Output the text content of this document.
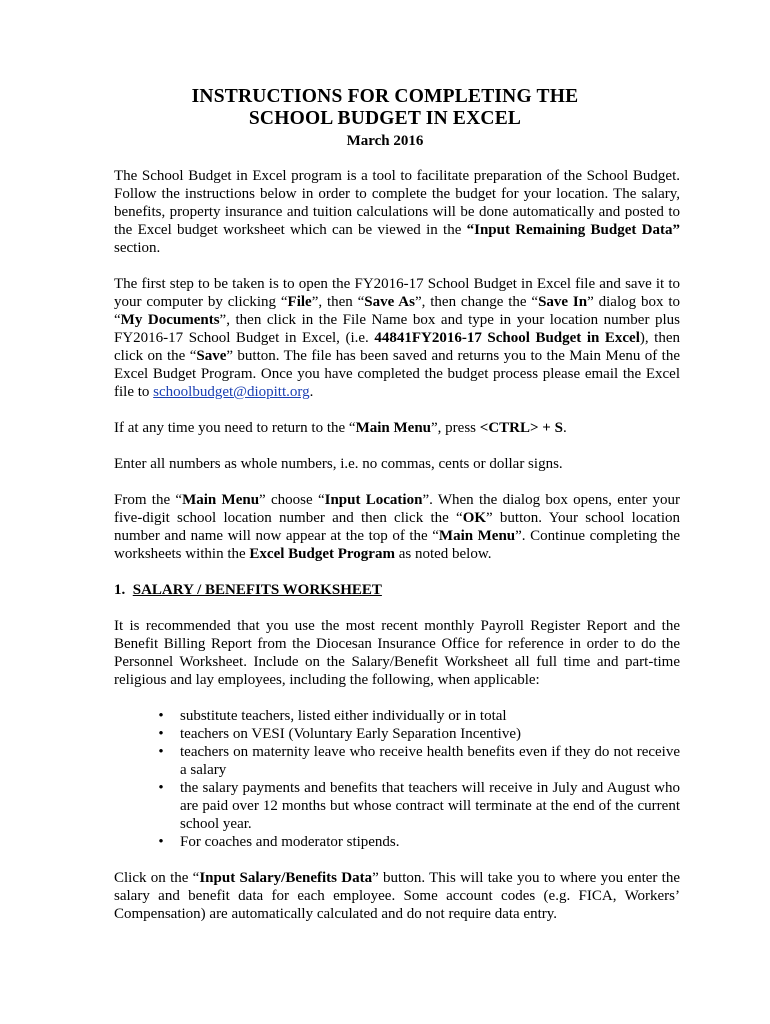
INSTRUCTIONS FOR COMPLETING THE
SCHOOL BUDGET IN EXCEL
March 2016

The School Budget in Excel program is a tool to facilitate preparation of the School Budget. Follow the instructions below in order to complete the budget for your location. The salary, benefits, property insurance and tuition calculations will be done automatically and posted to the Excel budget worksheet which can be viewed in the “Input Remaining Budget Data” section.

The first step to be taken is to open the FY2016-17 School Budget in Excel file and save it to your computer by clicking “File”, then “Save As”, then change the “Save In” dialog box to “My Documents”, then click in the File Name box and type in your location number plus FY2016-17 School Budget in Excel, (i.e. 44841FY2016-17 School Budget in Excel), then click on the “Save” button. The file has been saved and returns you to the Main Menu of the Excel Budget Program. Once you have completed the budget process please email the Excel file to schoolbudget@diopitt.org.

If at any time you need to return to the “Main Menu”, press <CTRL> + S.

Enter all numbers as whole numbers, i.e. no commas, cents or dollar signs.

From the “Main Menu” choose “Input Location”. When the dialog box opens, enter your five-digit school location number and then click the “OK” button. Your school location number and name will now appear at the top of the “Main Menu”. Continue completing the worksheets within the Excel Budget Program as noted below.

1. SALARY / BENEFITS WORKSHEET

It is recommended that you use the most recent monthly Payroll Register Report and the Benefit Billing Report from the Diocesan Insurance Office for reference in order to do the Personnel Worksheet. Include on the Salary/Benefit Worksheet all full time and part-time religious and lay employees, including the following, when applicable:

• substitute teachers, listed either individually or in total
• teachers on VESI (Voluntary Early Separation Incentive)
• teachers on maternity leave who receive health benefits even if they do not receive a salary
• the salary payments and benefits that teachers will receive in July and August who are paid over 12 months but whose contract will terminate at the end of the current school year.
• For coaches and moderator stipends.

Click on the “Input Salary/Benefits Data” button. This will take you to where you enter the salary and benefit data for each employee. Some account codes (e.g. FICA, Workers’ Compensation) are automatically calculated and do not require data entry.
